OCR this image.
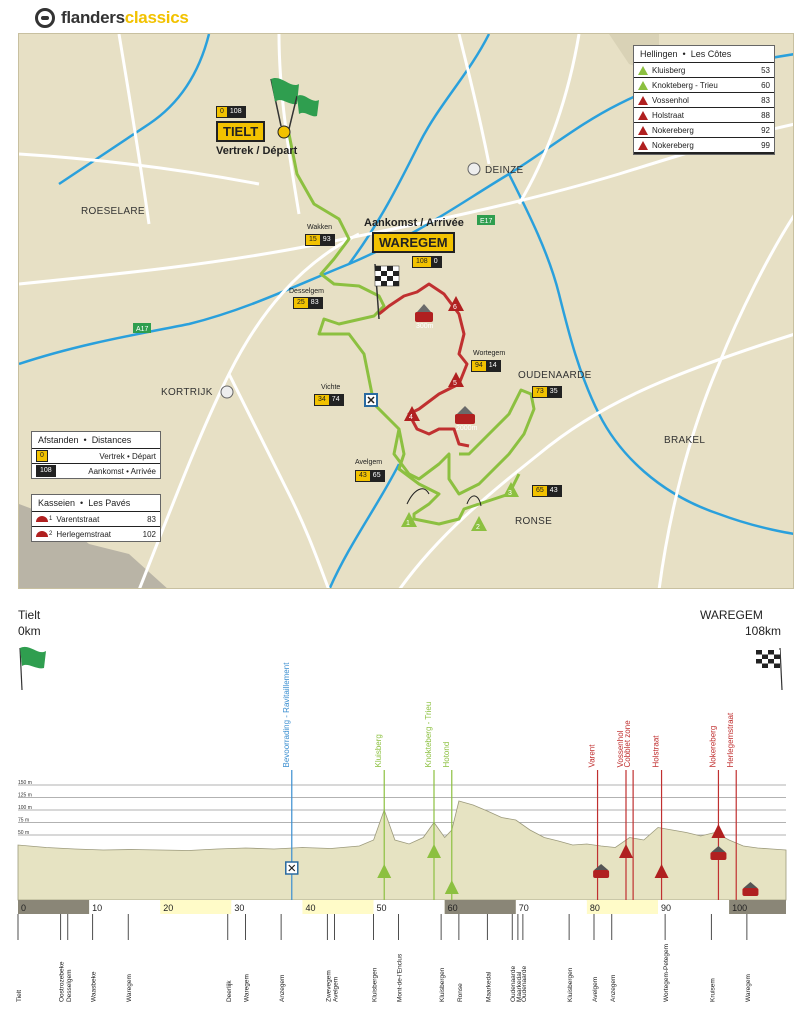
flanders classics
E17
A17
1
2
3
4
5
6
ROESELARE
DEINZE
KORTRIJK
OUDENAARDE
BRAKEL
RONSE
0 108
TIELT
Vertrek / Départ
Aankomst / Arrivée
WAREGEM
108 0
Wakken
15 93
Desselgem
25 83
Vichte
34 74
Avelgem
43 65
Wortegem
94 14
73 35
65 43
300m
2000m
Hellingen  •  Les Côtes
Kluisberg	53
Knokteberg - Trieu	60
Vossenhol	83
Holstraat	88
Nokereberg	92
Nokereberg	99
Afstanden  •  Distances
0	Vertrek • Départ
108	Aankomst • Arrivée
Kasseien  •  Les Pavés
1 Varentstraat	83
2 Herlegemstraat	102
Tielt
0km
WAREGEM
108km
150 m
125 m
100 m
75 m
50 m
0	10	20	30	40	50	60	70	80	90	100
Bevoorrading - Ravitaillement	Kluisberg	Knokteberg - Trieu Hotond	Varent Vossenhol
Cobblet zone Holstraat	Nokereberg Herlegemstraat
Tielt	Oostrozebeke Desselgem	Waasbeke	Waregem	Deerlijk Waregem	Anzegem	Zwevegem Avelgem	Kluisbergen	Mont-de-l'Enclus	Kluisbergen Ronse	Maarkedal	Oudenaarde
Maarkedal
Oudenaarde	Kluisbergen	Avelgem Anzegem	Wortegem-Petegem	Kruisem	Waregem
